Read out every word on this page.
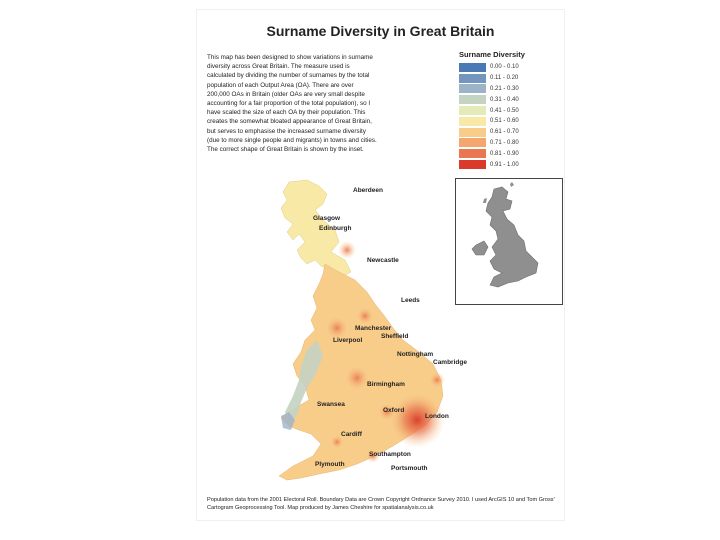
Surname Diversity in Great Britain

This map has been designed to show variations in surname diversity across Great Britain. The measure used is calculated by dividing the number of surnames by the total population of each Output Area (OA). There are over 200,000 OAs in Britain (older OAs are very small despite accounting for a fair proportion of the total population), so I have scaled the size of each OA by their population. This creates the somewhat bloated appearance of Great Britain, but serves to emphasise the increased surname diversity (due to more single people and migrants) in towns and cities. The correct shape of Great Britain is shown by the inset.

Surname Diversity
0.00 - 0.10
0.11 - 0.20
0.21 - 0.30
0.31 - 0.40
0.41 - 0.50
0.51 - 0.60
0.61 - 0.70
0.71 - 0.80
0.81 - 0.90
0.91 - 1.00
Aberdeen
Glasgow
Edinburgh
Newcastle
Leeds
Manchester
Sheffield
Liverpool
Nottingham
Cambridge
Birmingham
Swansea
Oxford
London
Cardiff
Southampton
Plymouth
Portsmouth

Population data from the 2001 Electoral Roll. Boundary Data are Crown Copyright Ordnance Survey 2010. I used ArcGIS 10 and Tom Gross' Cartogram Geoprocessing Tool. Map produced by James Cheshire for spatialanalysis.co.uk
